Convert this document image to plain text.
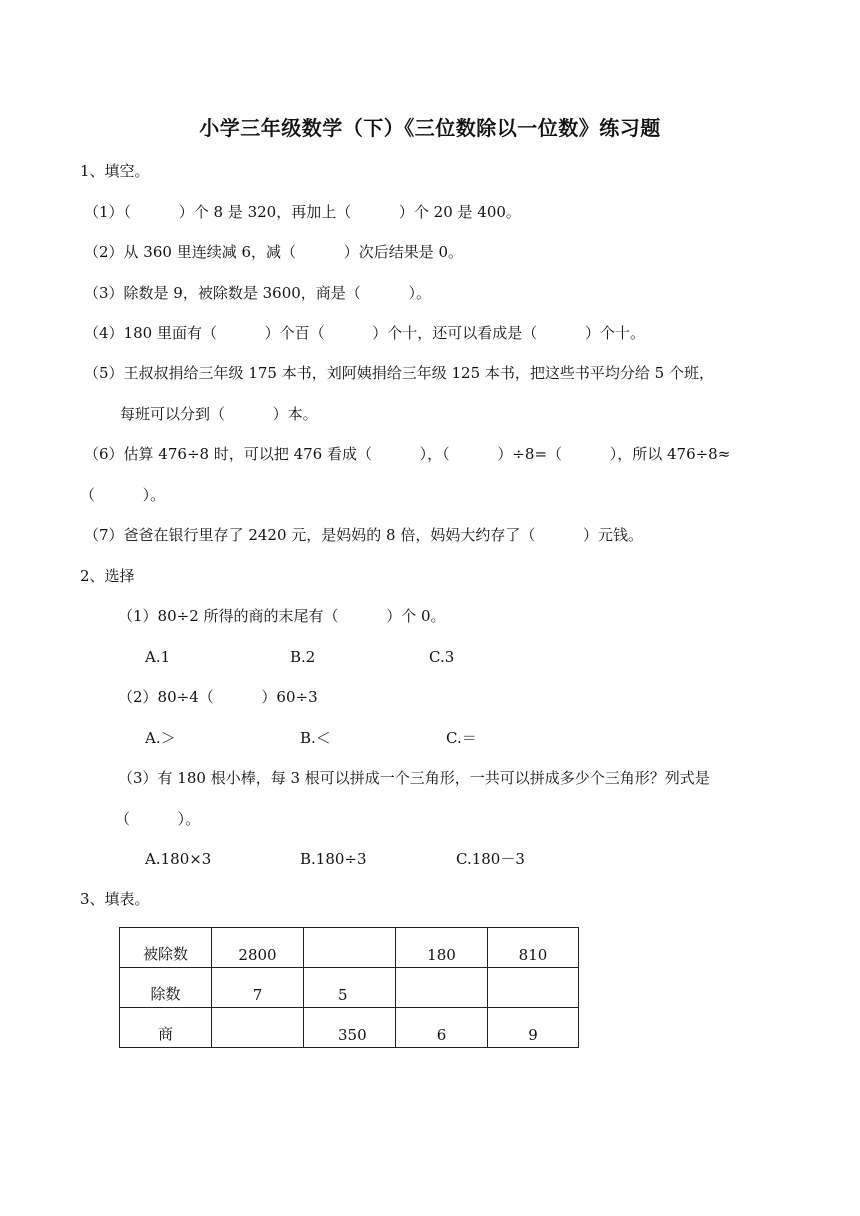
小学三年级数学（下）《三位数除以一位数》练习题
1、填空。
（1）（          ）个 8 是 320，再加上（          ）个 20 是 400。
（2）从 360 里连续减 6，减（          ）次后结果是 0。
（3）除数是 9，被除数是 3600，商是（          ）。
（4）180 里面有（          ）个百（          ）个十，还可以看成是（          ）个十。
（5）王叔叔捐给三年级 175 本书，刘阿姨捐给三年级 125 本书，把这些书平均分给 5 个班，
每班可以分到（          ）本。
（6）估算 476÷8 时，可以把 476 看成（          ），（          ）÷8=（          ），所以 476÷8≈
（          ）。
（7）爸爸在银行里存了 2420 元，是妈妈的 8 倍，妈妈大约存了（          ）元钱。
2、选择
（1）80÷2 所得的商的末尾有（          ）个 0。
A.1	B.2	C.3
（2）80÷4（          ）60÷3
A.＞	B.＜	C.＝
（3）有 180 根小棒，每 3 根可以拼成一个三角形，一共可以拼成多少个三角形？列式是
（          ）。
A.180×3	B.180÷3	C.180－3
3、填表。
被除数	2800		180	810
除数	7	5		
商		350	6	9
